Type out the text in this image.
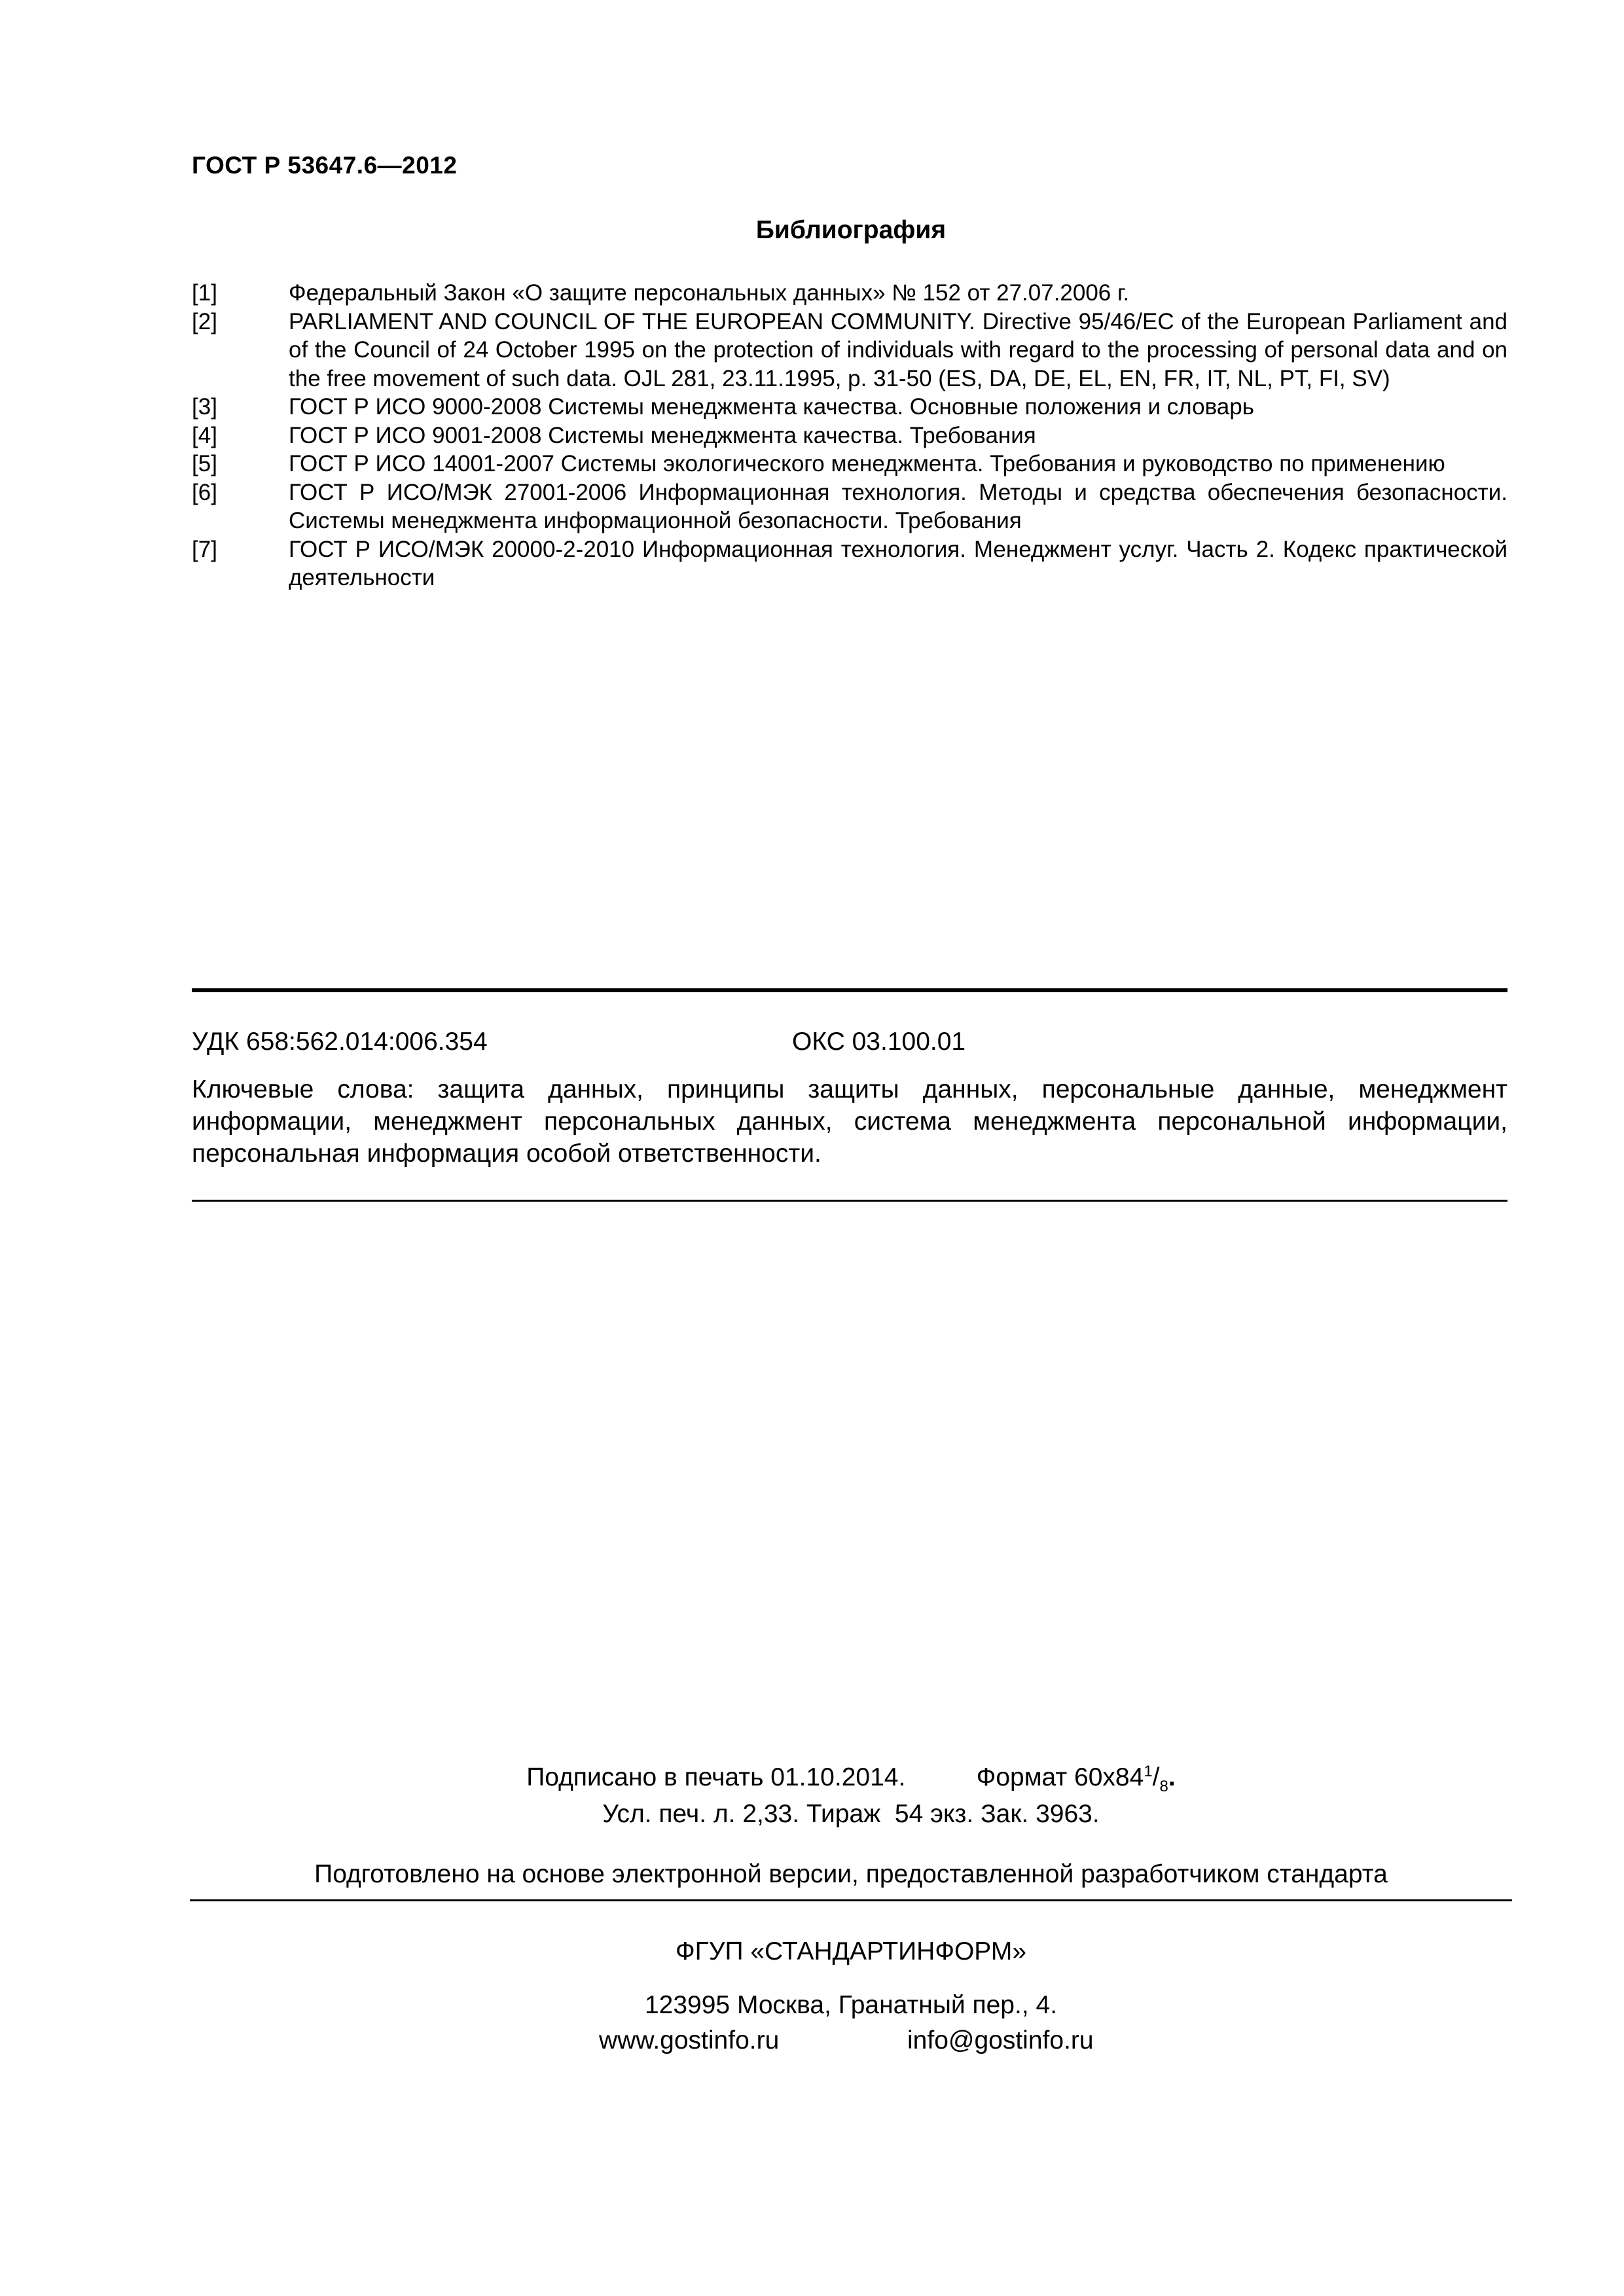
ГОСТ Р 53647.6—2012
Библиография
[1]	Федеральный Закон «О защите персональных данных» № 152 от 27.07.2006 г.
[2]	PARLIAMENT AND COUNCIL OF THE EUROPEAN COMMUNITY. Directive 95/46/EC of the European Parliament and of the Council of 24 October 1995 on the protection of individuals with regard to the processing of personal data and on the free movement of such data. OJL 281, 23.11.1995, p. 31-50 (ES, DA, DE, EL, EN, FR, IT, NL, PT, FI, SV)
[3]	ГОСТ Р ИСО 9000-2008 Системы менеджмента качества. Основные положения и словарь
[4]	ГОСТ Р ИСО 9001-2008 Системы менеджмента качества. Требования
[5]	ГОСТ Р ИСО 14001-2007 Системы экологического менеджмента. Требования и руководство по применению
[6]	ГОСТ Р ИСО/МЭК 27001-2006 Информационная технология. Методы и средства обеспечения безопасности. Системы менеджмента информационной безопасности. Требования
[7]	ГОСТ Р ИСО/МЭК 20000-2-2010 Информационная технология. Менеджмент услуг. Часть 2. Кодекс практической деятельности
УДК 658:562.014:006.354	ОКС 03.100.01
Ключевые слова: защита данных, принципы защиты данных, персональные данные, менеджмент информации, менеджмент персональных данных, система менеджмента персональной информации, персональная информация особой ответственности.
Подписано в печать 01.10.2014.	Формат $60х84^1/_8$.
Усл. печ. л. 2,33. Тираж  54 экз. Зак. 3963.
Подготовлено на основе электронной версии, предоставленной разработчиком стандарта
ФГУП «СТАНДАРТИНФОРМ»
123995 Москва, Гранатный пер., 4.
www.gostinfo.ru	info@gostinfo.ru
